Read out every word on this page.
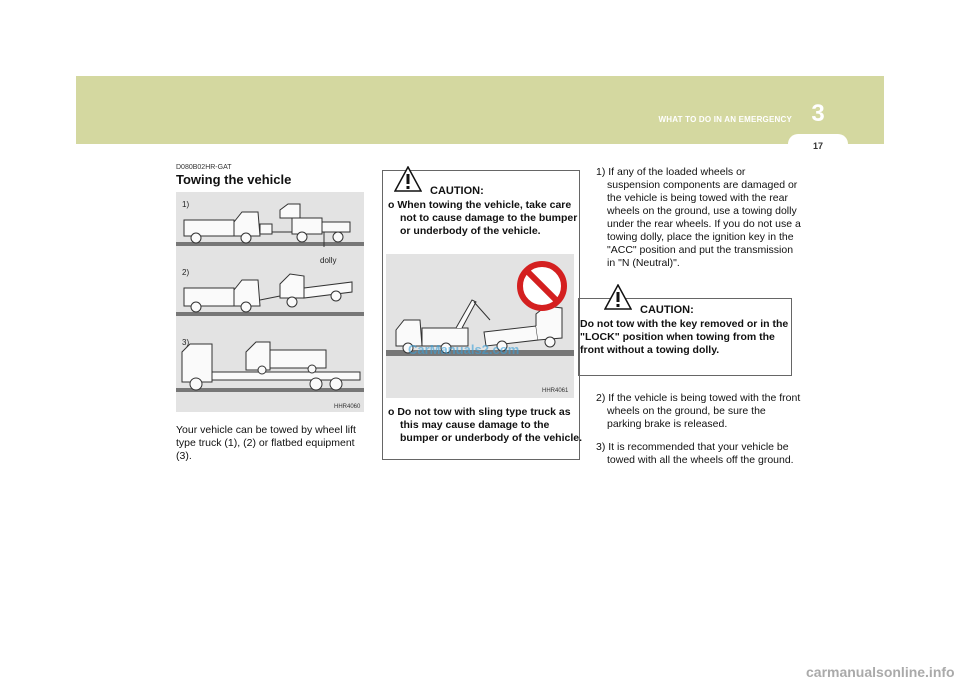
3
WHAT TO DO IN AN EMERGENCY
17
D080B02HR-GAT
Towing the vehicle
1)
2)
3)
dolly
HHR4060
Your vehicle can be towed by wheel lift type truck (1), (2) or flatbed equipment (3).
CAUTION:
o When towing the vehicle, take care not to cause damage to the bumper or underbody of the vehicle.
CarManuals2.com
HHR4061
o Do not tow with sling type truck as this may cause damage to the bumper or underbody of the vehicle.
1) If any of the loaded wheels or suspension components are damaged or the vehicle is being towed with the rear wheels on the ground, use a towing dolly under the rear wheels. If you do not use a towing dolly, place the ignition key in the "ACC" position and put the transmission in "N (Neutral)".
CAUTION:
Do not tow with the key removed or in the "LOCK" position when towing from the front without a towing dolly.
2) If the vehicle is being towed with the front wheels on the ground, be sure the parking brake is released.
3) It is recommended that your vehicle be towed with all the wheels off the ground.
carmanualsonline.info
